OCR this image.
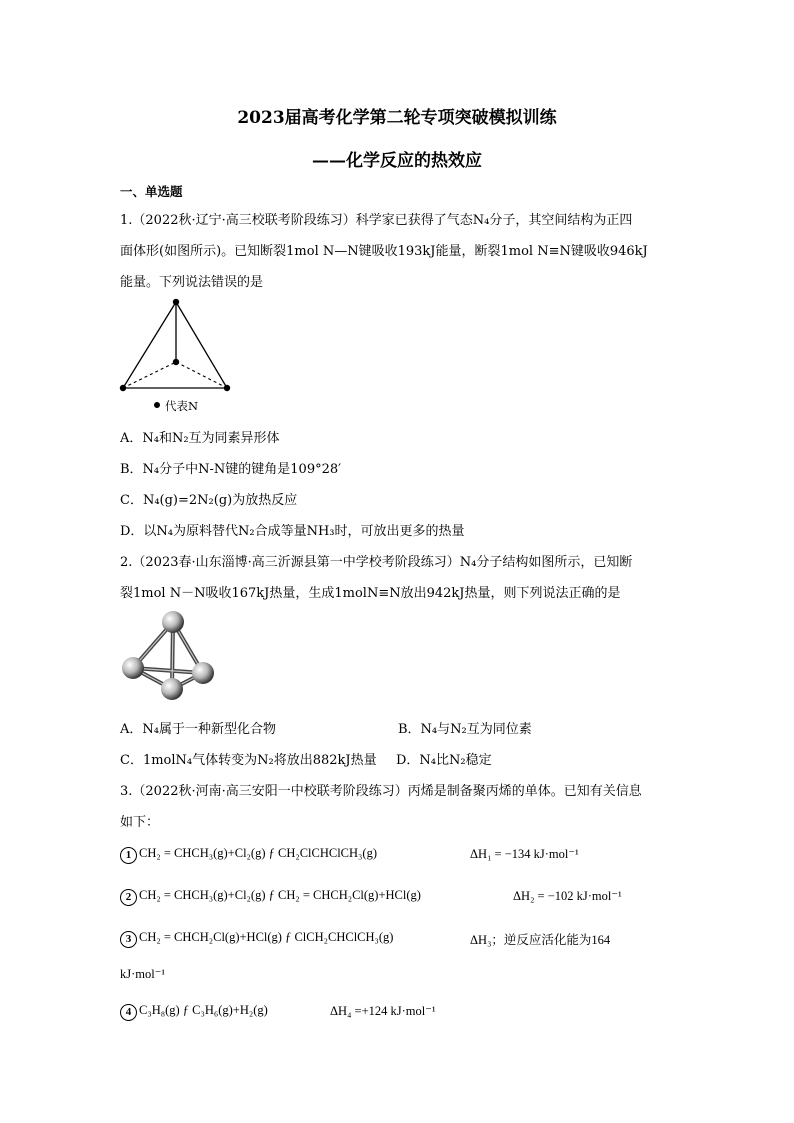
2023届高考化学第二轮专项突破模拟训练
——化学反应的热效应
一、单选题
1.（2022秋·辽宁·高三校联考阶段练习）科学家已获得了气态N₄分子，其空间结构为正四
面体形(如图所示)。已知断裂1mol N—N键吸收193kJ能量，断裂1mol N≡N键吸收946kJ
能量。下列说法错误的是
代表N
A．N₄和N₂互为同素异形体
B．N₄分子中N-N键的键角是109°28′
C．N₄(g)=2N₂(g)为放热反应
D．以N₄为原料替代N₂合成等量NH₃时，可放出更多的热量
2.（2023春·山东淄博·高三沂源县第一中学校考阶段练习）N₄分子结构如图所示，已知断
裂1mol N－N吸收167kJ热量，生成1molN≡N放出942kJ热量，则下列说法正确的是
A．N₄属于一种新型化合物	B．N₄与N₂互为同位素
C．1molN₄气体转变为N₂将放出882kJ热量 D．N₄比N₂稳定
3.（2022秋·河南·高三安阳一中校联考阶段练习）丙烯是制备聚丙烯的单体。已知有关信息
如下：
1 CH₂ = CHCH₃(g)+Cl₂(g) ƒ CH₂ClCHClCH₃(g)	ΔH₁ = −134 kJ·mol⁻¹
2 CH₂ = CHCH₃(g)+Cl₂(g) ƒ CH₂ = CHCH₂Cl(g)+HCl(g)	ΔH₂ = −102 kJ·mol⁻¹
3 CH₂ = CHCH₂Cl(g)+HCl(g) ƒ ClCH₂CHClCH₃(g)	ΔH₃；逆反应活化能为164
kJ·mol⁻¹
4 C₃H₈(g) ƒ C₃H₆(g)+H₂(g)	ΔH₄ =+124 kJ·mol⁻¹
